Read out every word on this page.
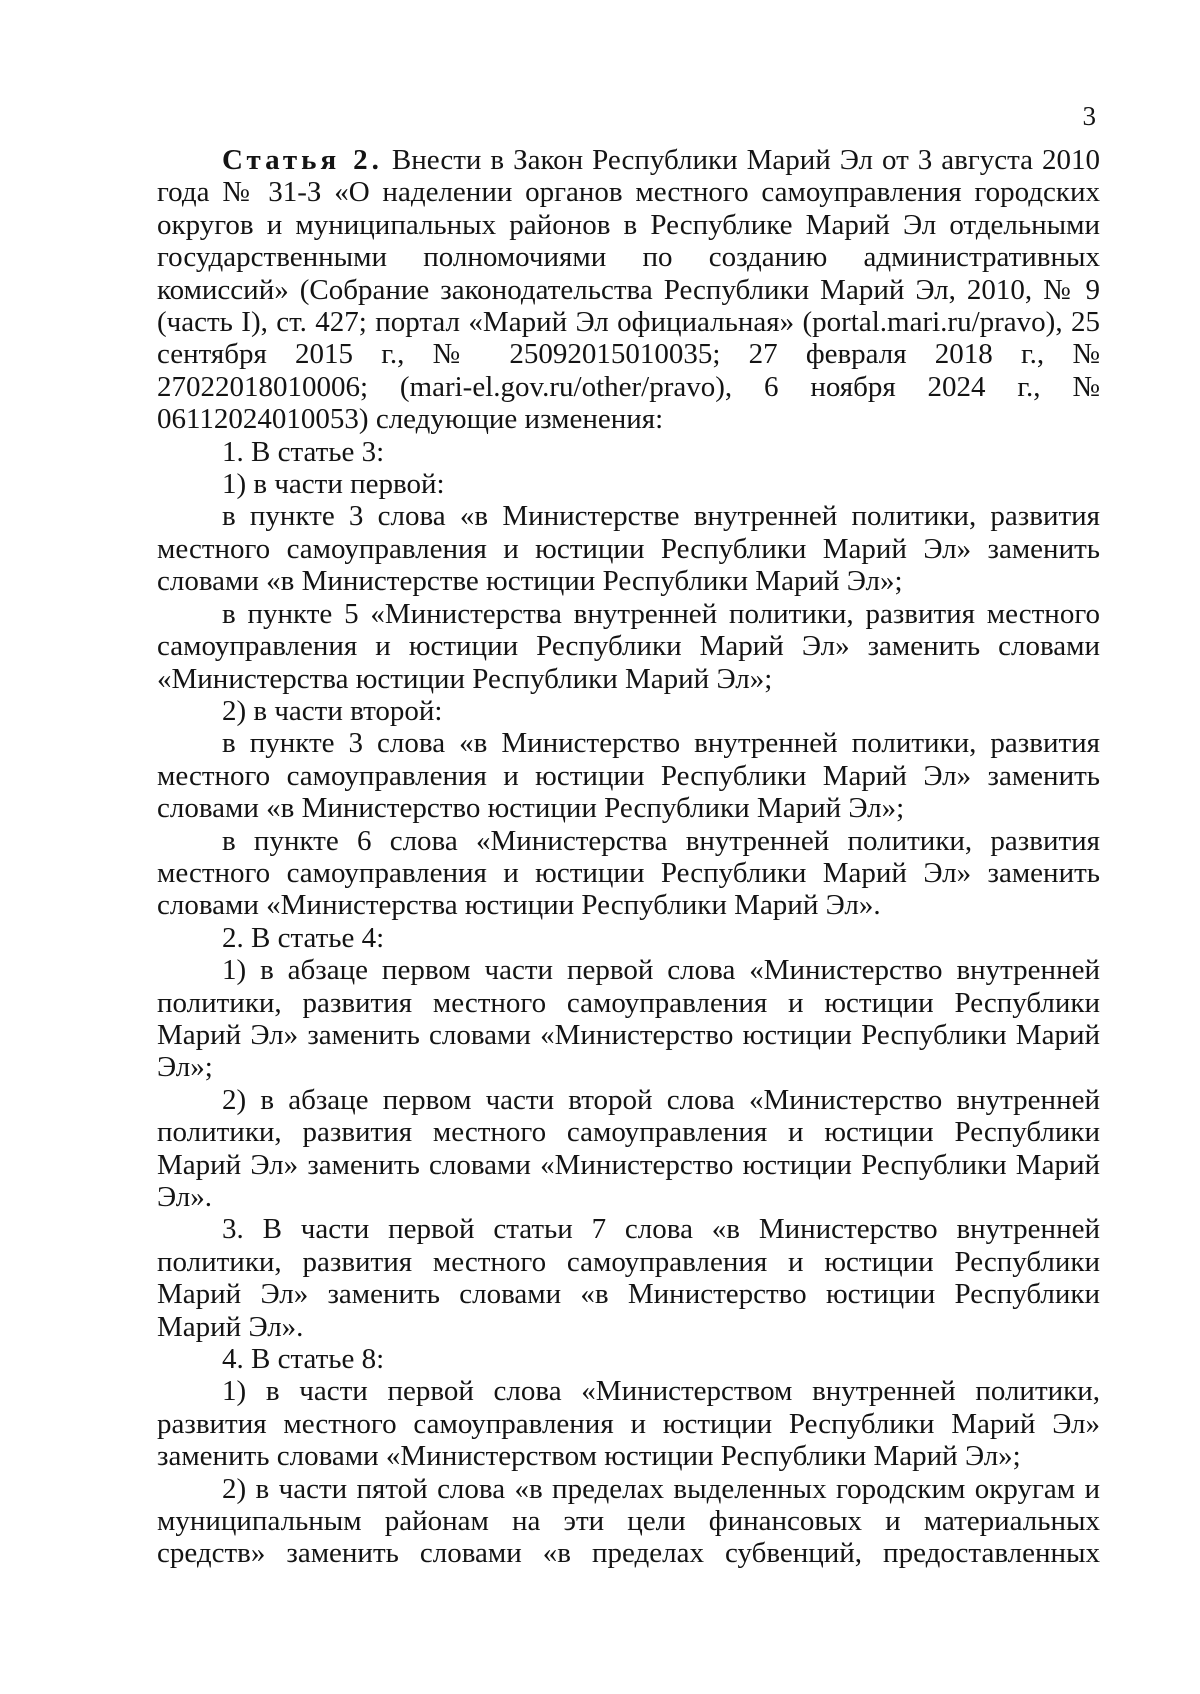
3

Статья 2. Внести в Закон Республики Марий Эл от 3 августа 2010 года № 31-З «О наделении органов местного самоуправления городских округов и муниципальных районов в Республике Марий Эл отдельными государственными полномочиями по созданию административных комиссий» (Собрание законодательства Республики Марий Эл, 2010, № 9 (часть I), ст. 427; портал «Марий Эл официальная» (portal.mari.ru/pravo), 25 сентября 2015 г., № 25092015010035; 27 февраля 2018 г., № 27022018010006; (mari-el.gov.ru/other/pravo), 6 ноября 2024 г., № 06112024010053) следующие изменения:

1. В статье 3:

1) в части первой:

в пункте 3 слова «в Министерстве внутренней политики, развития местного самоуправления и юстиции Республики Марий Эл» заменить словами «в Министерстве юстиции Республики Марий Эл»;

в пункте 5 «Министерства внутренней политики, развития местного самоуправления и юстиции Республики Марий Эл» заменить словами «Министерства юстиции Республики Марий Эл»;

2) в части второй:

в пункте 3 слова «в Министерство внутренней политики, развития местного самоуправления и юстиции Республики Марий Эл» заменить словами «в Министерство юстиции Республики Марий Эл»;

в пункте 6 слова «Министерства внутренней политики, развития местного самоуправления и юстиции Республики Марий Эл» заменить словами «Министерства юстиции Республики Марий Эл».

2. В статье 4:

1) в абзаце первом части первой слова «Министерство внутренней политики, развития местного самоуправления и юстиции Республики Марий Эл» заменить словами «Министерство юстиции Республики Марий Эл»;

2) в абзаце первом части второй слова «Министерство внутренней политики, развития местного самоуправления и юстиции Республики Марий Эл» заменить словами «Министерство юстиции Республики Марий Эл».

3. В части первой статьи 7 слова «в Министерство внутренней политики, развития местного самоуправления и юстиции Республики Марий Эл» заменить словами «в Министерство юстиции Республики Марий Эл».

4. В статье 8:

1) в части первой слова «Министерством внутренней политики, развития местного самоуправления и юстиции Республики Марий Эл» заменить словами «Министерством юстиции Республики Марий Эл»;

2) в части пятой слова «в пределах выделенных городским округам и муниципальным районам на эти цели финансовых и материальных средств» заменить словами «в пределах субвенций, предоставленных
